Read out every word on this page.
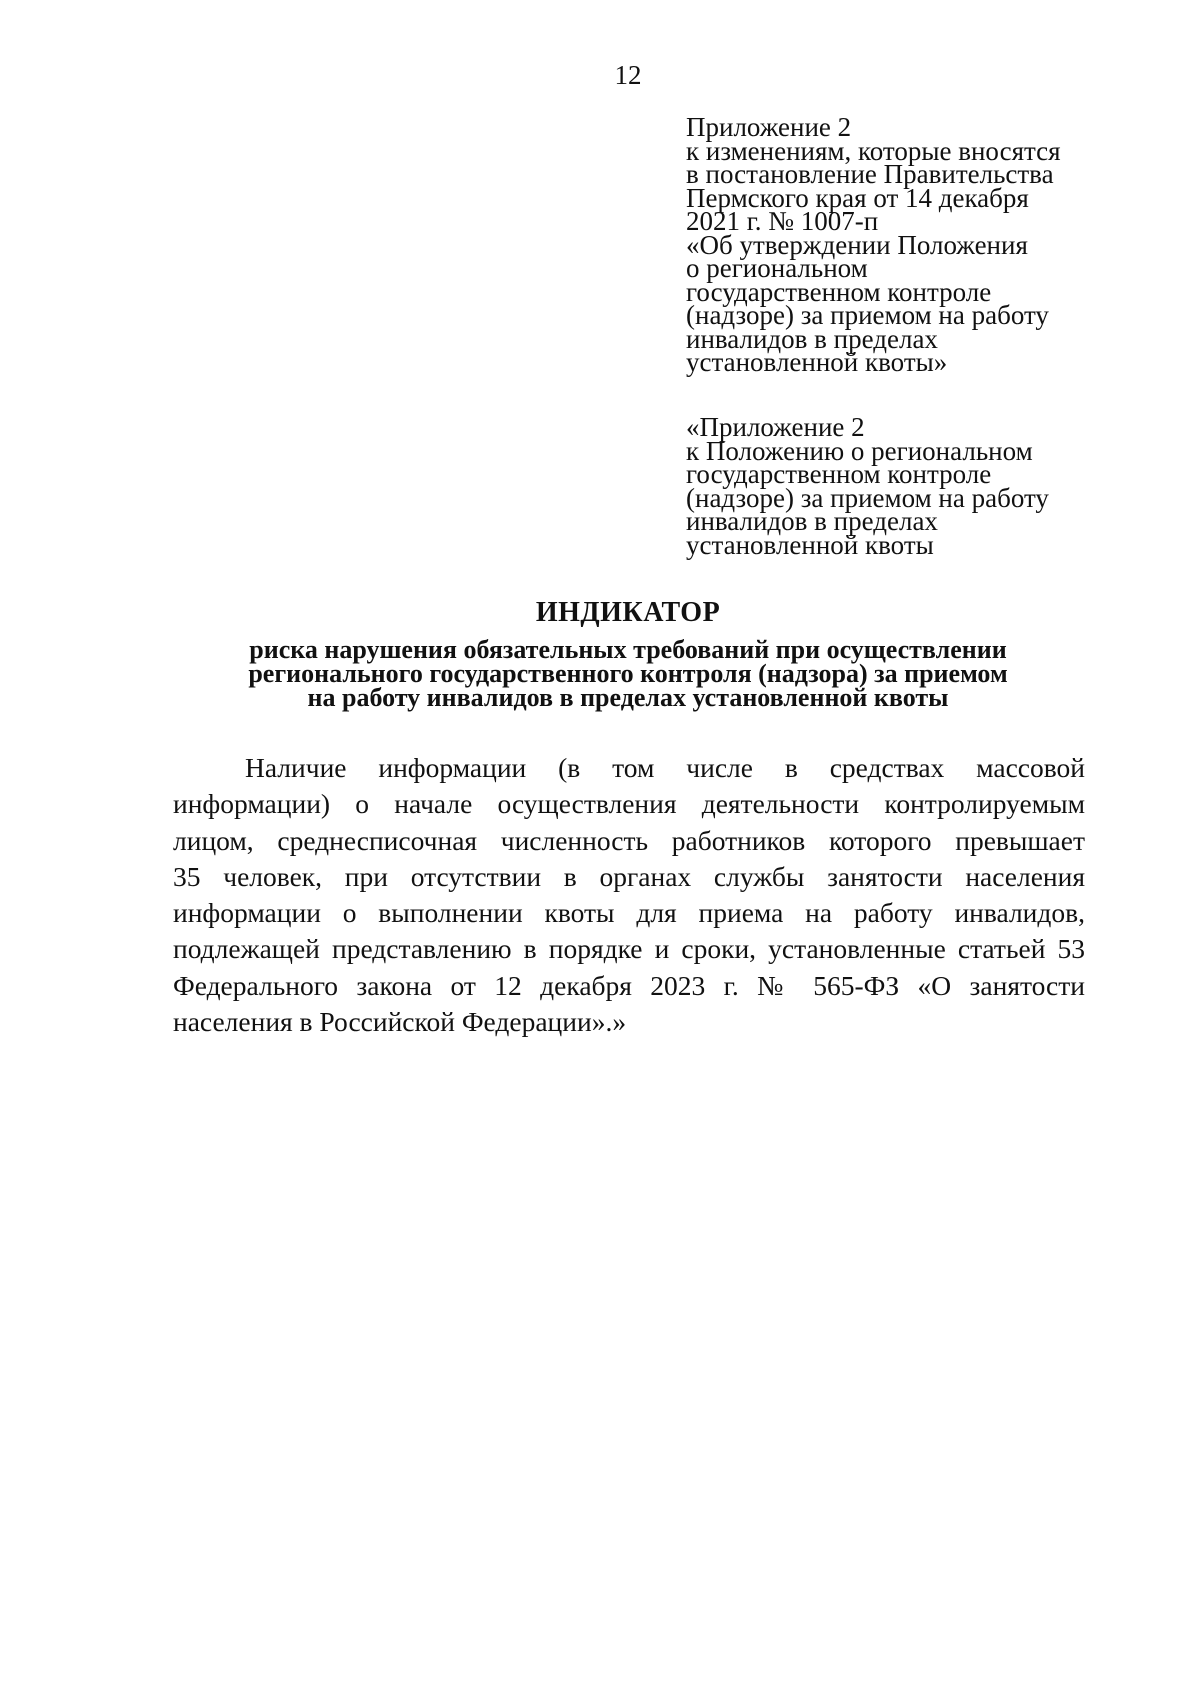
12
Приложение 2
к изменениям, которые вносятся
в постановление Правительства
Пермского края от 14 декабря
2021 г. № 1007-п
«Об утверждении Положения
о региональном
государственном контроле
(надзоре) за приемом на работу
инвалидов в пределах
установленной квоты»
«Приложение 2
к Положению о региональном
государственном контроле
(надзоре) за приемом на работу
инвалидов в пределах
установленной квоты
ИНДИКАТОР
риска нарушения обязательных требований при осуществлении
регионального государственного контроля (надзора) за приемом
на работу инвалидов в пределах установленной квоты
Наличие информации (в том числе в средствах массовой
информации) о начале осуществления деятельности контролируемым
лицом, среднесписочная численность работников которого превышает
35 человек, при отсутствии в органах службы занятости населения
информации о выполнении квоты для приема на работу инвалидов,
подлежащей представлению в порядке и сроки, установленные статьей 53
Федерального закона от 12 декабря 2023 г. № 565-ФЗ «О занятости
населения в Российской Федерации».»
